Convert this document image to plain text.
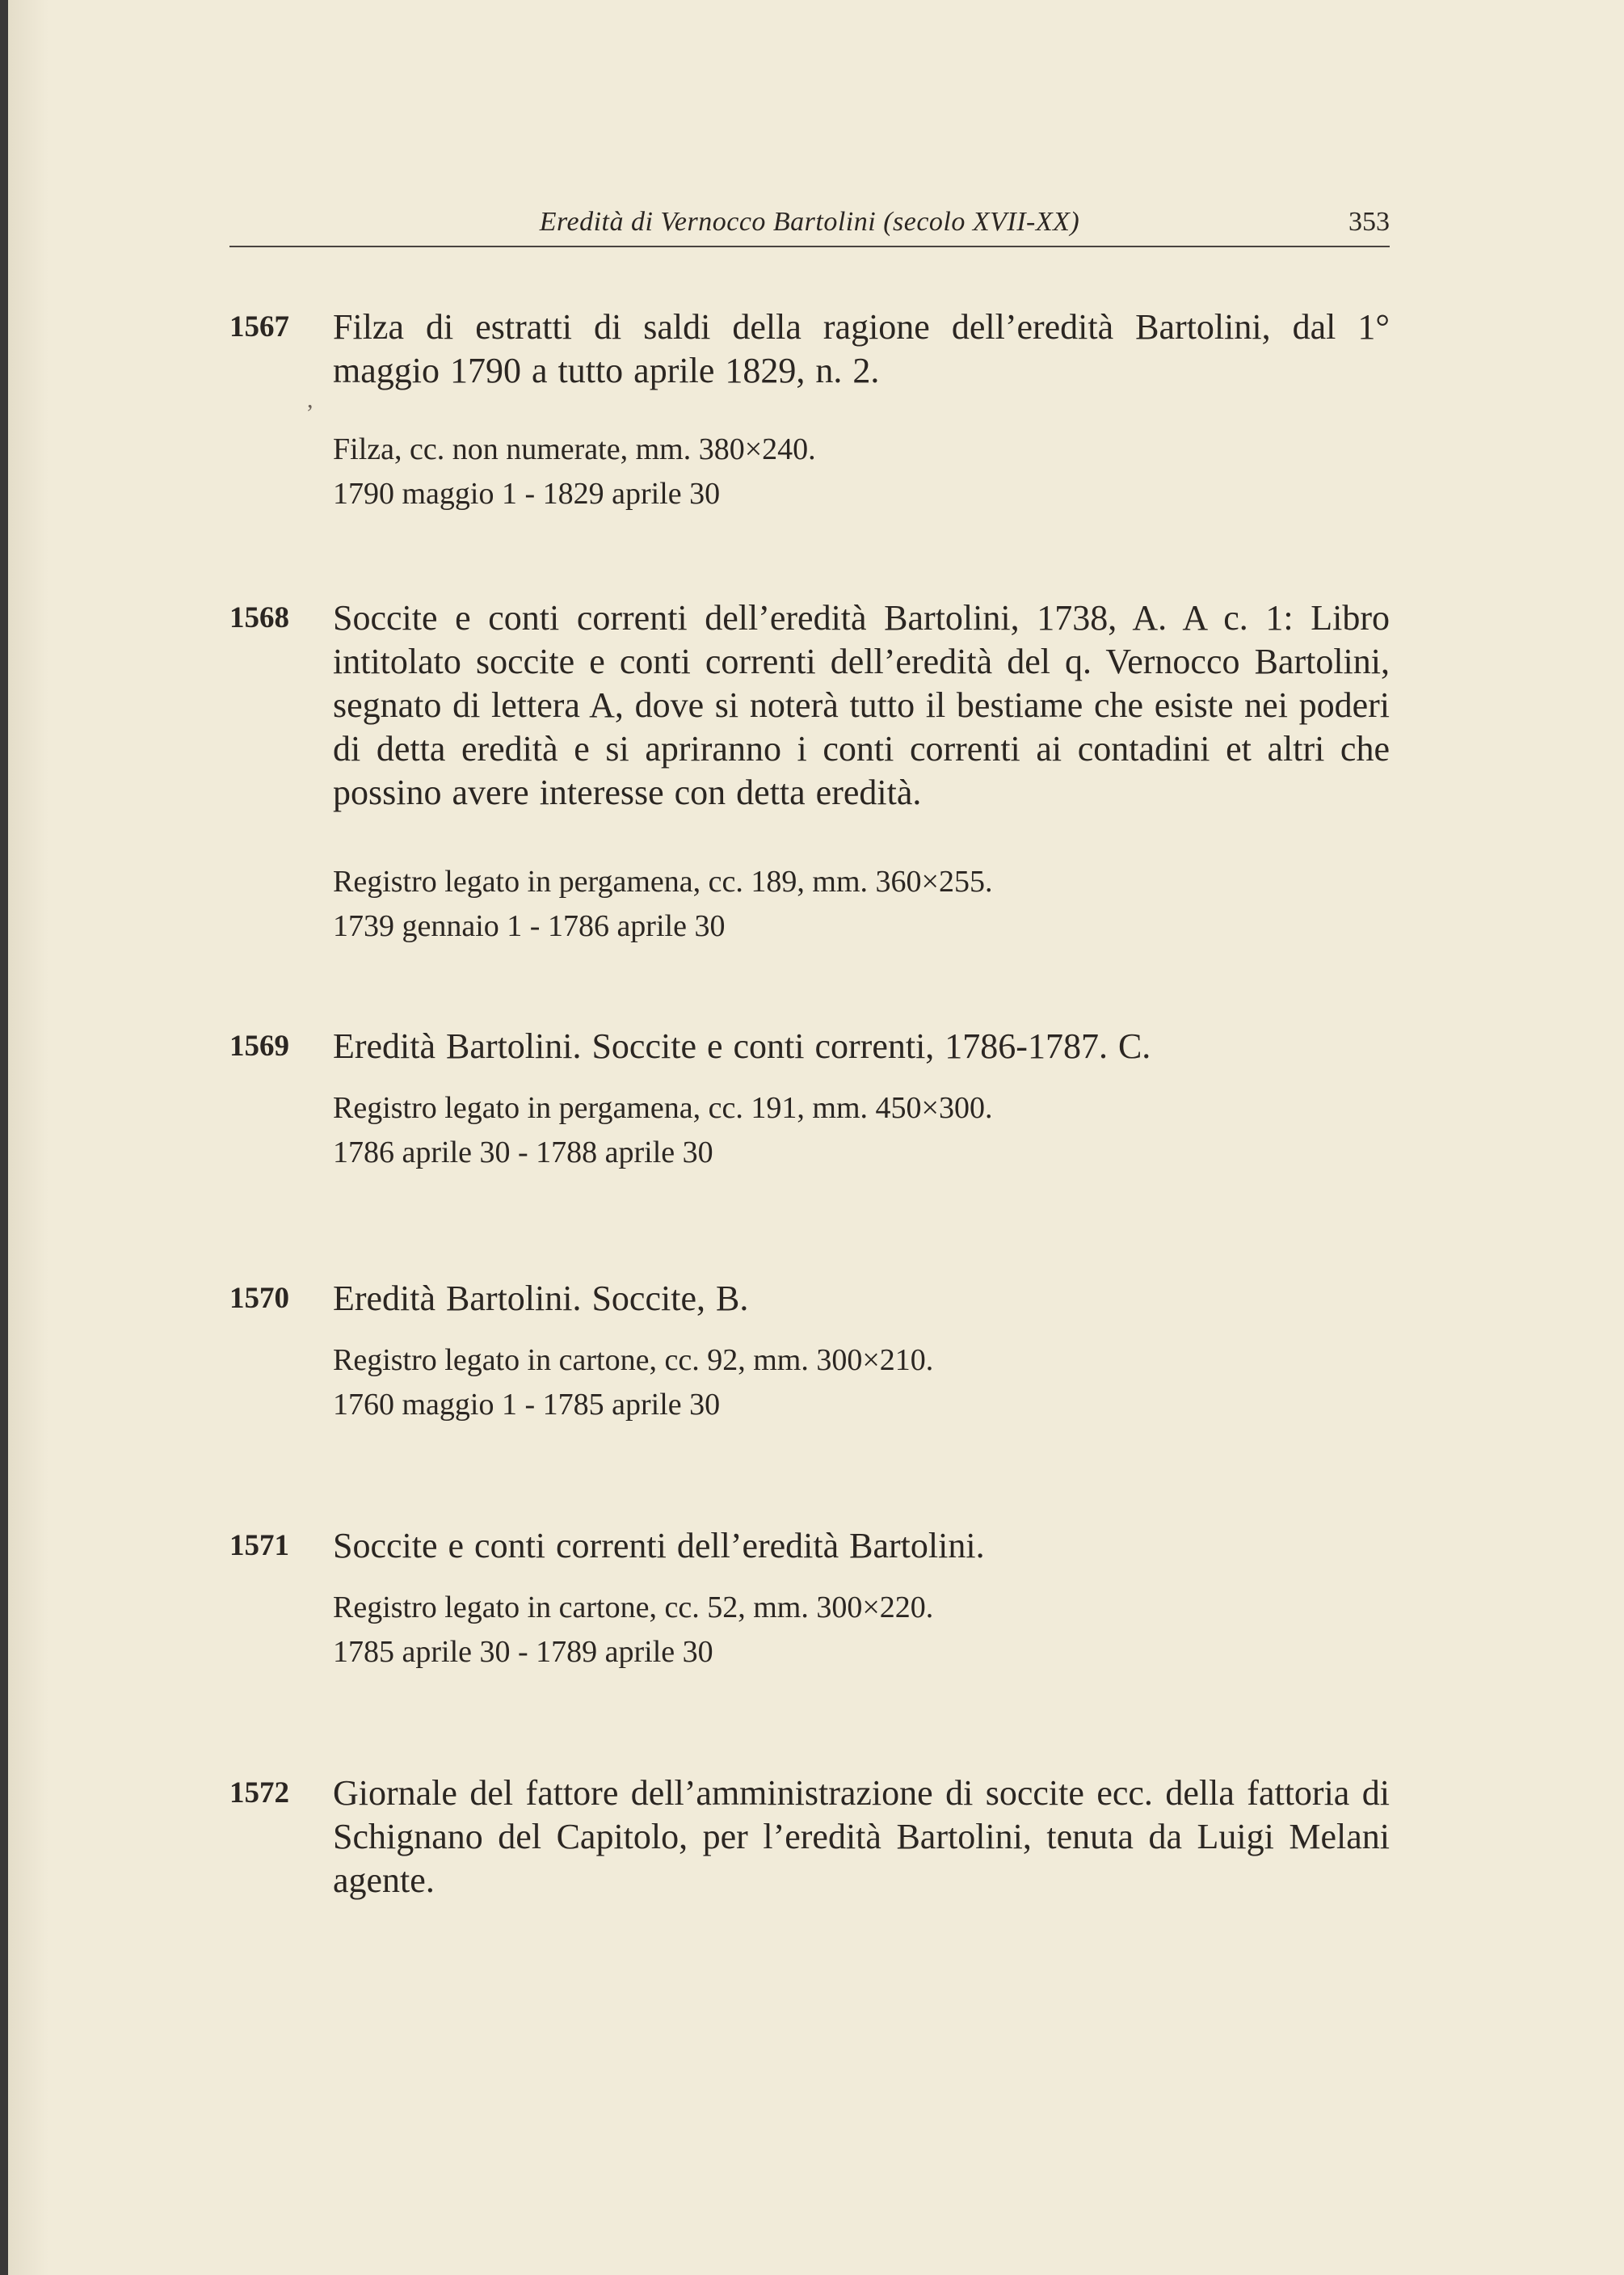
Eredità di Vernocco Bartolini (secolo XVII-XX)	353
1567 Filza di estratti di saldi della ragione dell’eredità Bartolini, dal 1° maggio 1790 a tutto aprile 1829, n. 2.
Filza, cc. non numerate, mm. 380×240.
1790 maggio 1 - 1829 aprile 30
,
1568 Soccite e conti correnti dell’eredità Bartolini, 1738, A. A c. 1: Libro intitolato soccite e conti correnti dell’eredità del q. Vernocco Bartolini, segnato di lettera A, dove si noterà tutto il bestiame che esiste nei poderi di detta eredità e si apriranno i conti correnti ai contadini et altri che possino avere interesse con detta eredità.
Registro legato in pergamena, cc. 189, mm. 360×255.
1739 gennaio 1 - 1786 aprile 30
1569 Eredità Bartolini. Soccite e conti correnti, 1786-1787. C.
Registro legato in pergamena, cc. 191, mm. 450×300.
1786 aprile 30 - 1788 aprile 30
1570 Eredità Bartolini. Soccite, B.
Registro legato in cartone, cc. 92, mm. 300×210.
1760 maggio 1 - 1785 aprile 30
1571 Soccite e conti correnti dell’eredità Bartolini.
Registro legato in cartone, cc. 52, mm. 300×220.
1785 aprile 30 - 1789 aprile 30
1572 Giornale del fattore dell’amministrazione di soccite ecc. della fattoria di Schignano del Capitolo, per l’eredità Bartolini, tenuta da Luigi Melani agente.
